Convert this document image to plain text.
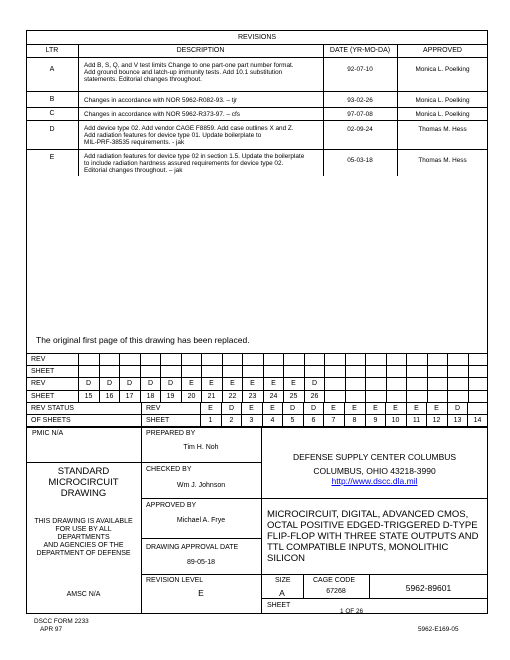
REVISIONS
LTR	DESCRIPTION	DATE (YR-MO-DA)	APPROVED
A
Add B, S, Q, and V test limits Change to one part-one part number format.
Add ground bounce and latch-up immunity tests. Add 10.1 substitution
statements. Editorial changes throughout.
92-07-10	Monica L. Poelking
B	Changes in accordance with NOR 5962-R082-93. – tjr	93-02-26	Monica L. Poelking
C	Changes in accordance with NOR 5962-R373-97. – cfs	97-07-08	Monica L. Poelking
D	Add device type 02. Add vendor CAGE F8859. Add case outlines X and Z.
Add radiation features for device type 01. Update boilerplate to
MIL-PRF-38535 requirements. - jak
02-09-24	Thomas M. Hess
E	Add radiation features for device type 02 in section 1.5. Update the boilerplate
to include radiation hardness assured requirements for device type 02.
Editorial changes throughout. – jak
05-03-18	Thomas M. Hess
The original first page of this drawing has been replaced.
REV
SHEET
REV	D	D	D	D	D	E	E	E	E	E	E	D
SHEET	15	16	17	18	19	20	21	22	23	24	25	26
REV STATUS	REV	E	D	E	E	D	D	E	E	E	E	E	E	D
OF SHEETS	SHEET	1	2	3	4	5	6	7	8	9	10	11	12	13	14
PMIC N/A
STANDARD
MICROCIRCUIT
DRAWING
THIS DRAWING IS AVAILABLE
FOR USE BY ALL
DEPARTMENTS
AND AGENCIES OF THE
DEPARTMENT OF DEFENSE
AMSC N/A
PREPARED BY
Tim H. Noh
CHECKED BY
Wm J. Johnson
APPROVED BY
Michael A. Frye
DRAWING APPROVAL DATE
89-05-18
REVISION LEVEL
E
DEFENSE SUPPLY CENTER COLUMBUS
COLUMBUS, OHIO 43218-3990
http://www.dscc.dla.mil
MICROCIRCUIT, DIGITAL, ADVANCED CMOS,
OCTAL POSITIVE EDGED-TRIGGERED D-TYPE
FLIP-FLOP WITH THREE STATE OUTPUTS AND
TTL COMPATIBLE INPUTS, MONOLITHIC
SILICON
SIZE
A
CAGE CODE
67268	5962-89601
SHEET
1 OF 26
DSCC FORM 2233
APR 97	5962-E169-05
